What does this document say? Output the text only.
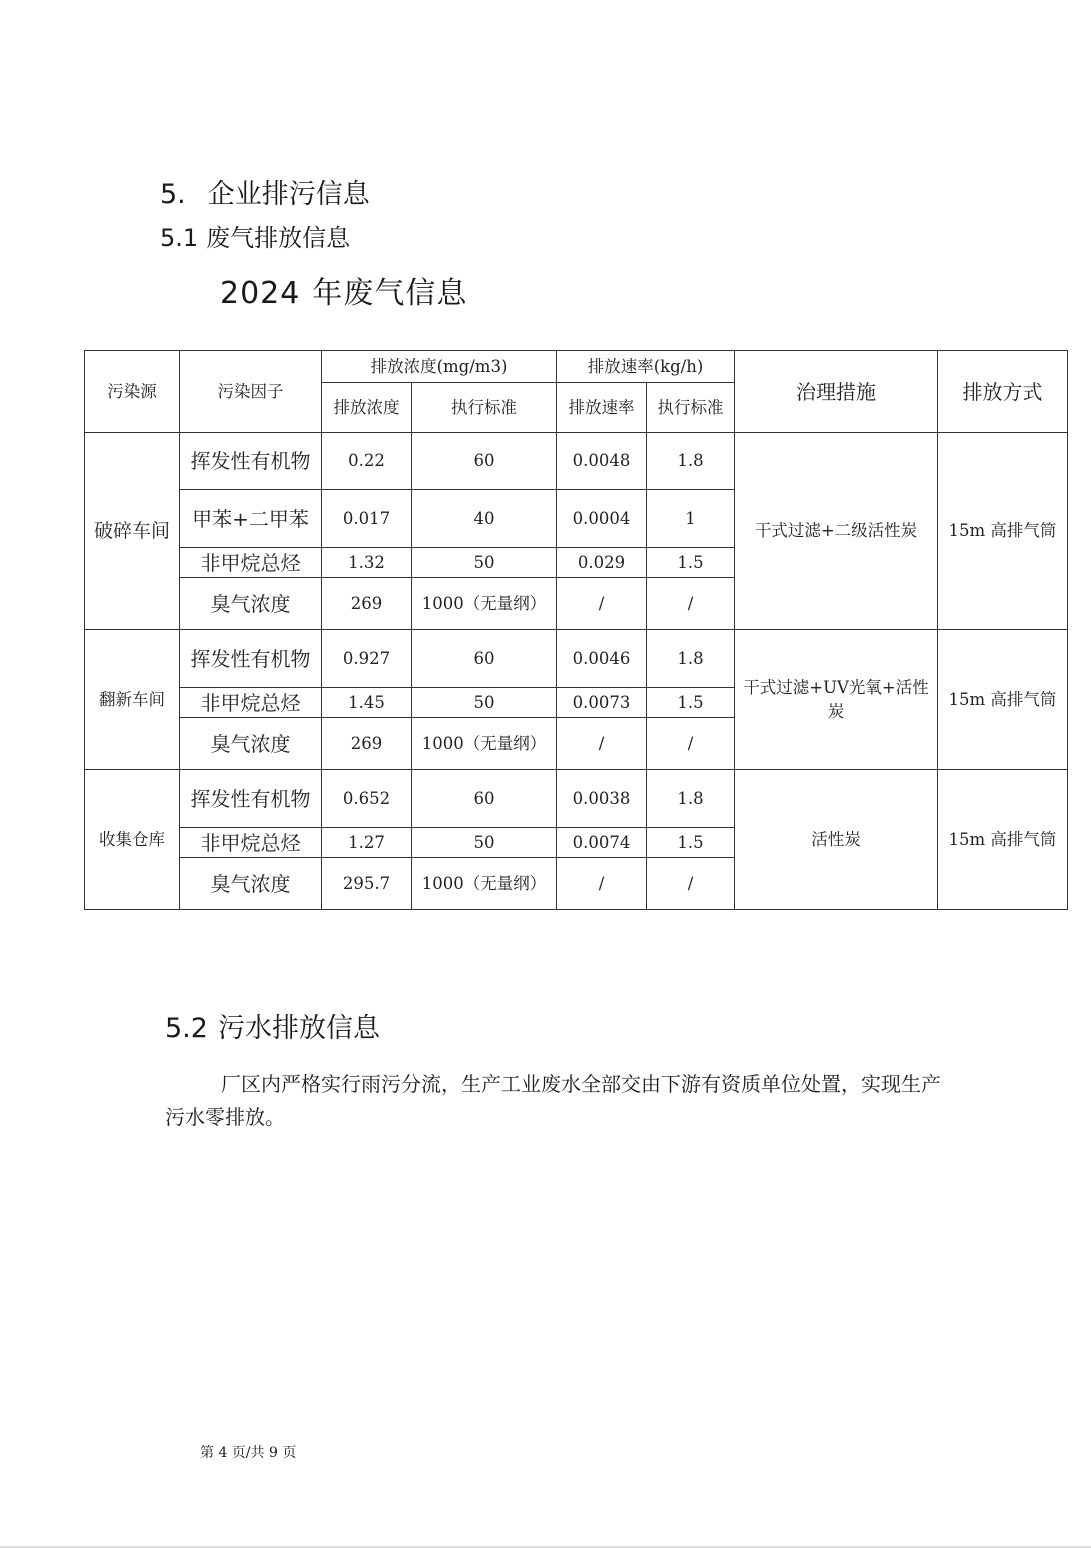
5. 企业排污信息
5.1 废气排放信息
2024 年废气信息
污染源	污染因子	排放浓度(mg/m3)		排放速率(kg/h)		治理措施	排放方式
		排放浓度	执行标准	排放速率	执行标准		
破碎车间	挥发性有机物	0.22	60	0.0048	1.8	干式过滤+二级活性炭	15m 高排气筒
	甲苯+二甲苯	0.017	40	0.0004	1		
	非甲烷总烃	1.32	50	0.029	1.5		
	臭气浓度	269	1000（无量纲）	/	/		
翻新车间	挥发性有机物	0.927	60	0.0046	1.8	干式过滤+UV光氧+活性炭	15m 高排气筒
	非甲烷总烃	1.45	50	0.0073	1.5		
	臭气浓度	269	1000（无量纲）	/	/		
收集仓库	挥发性有机物	0.652	60	0.0038	1.8	活性炭	15m 高排气筒
	非甲烷总烃	1.27	50	0.0074	1.5		
	臭气浓度	295.7	1000（无量纲）	/	/		
5.2 污水排放信息
厂区内严格实行雨污分流，生产工业废水全部交由下游有资质单位处置，实现生产污水零排放。
第 4 页/共 9 页
